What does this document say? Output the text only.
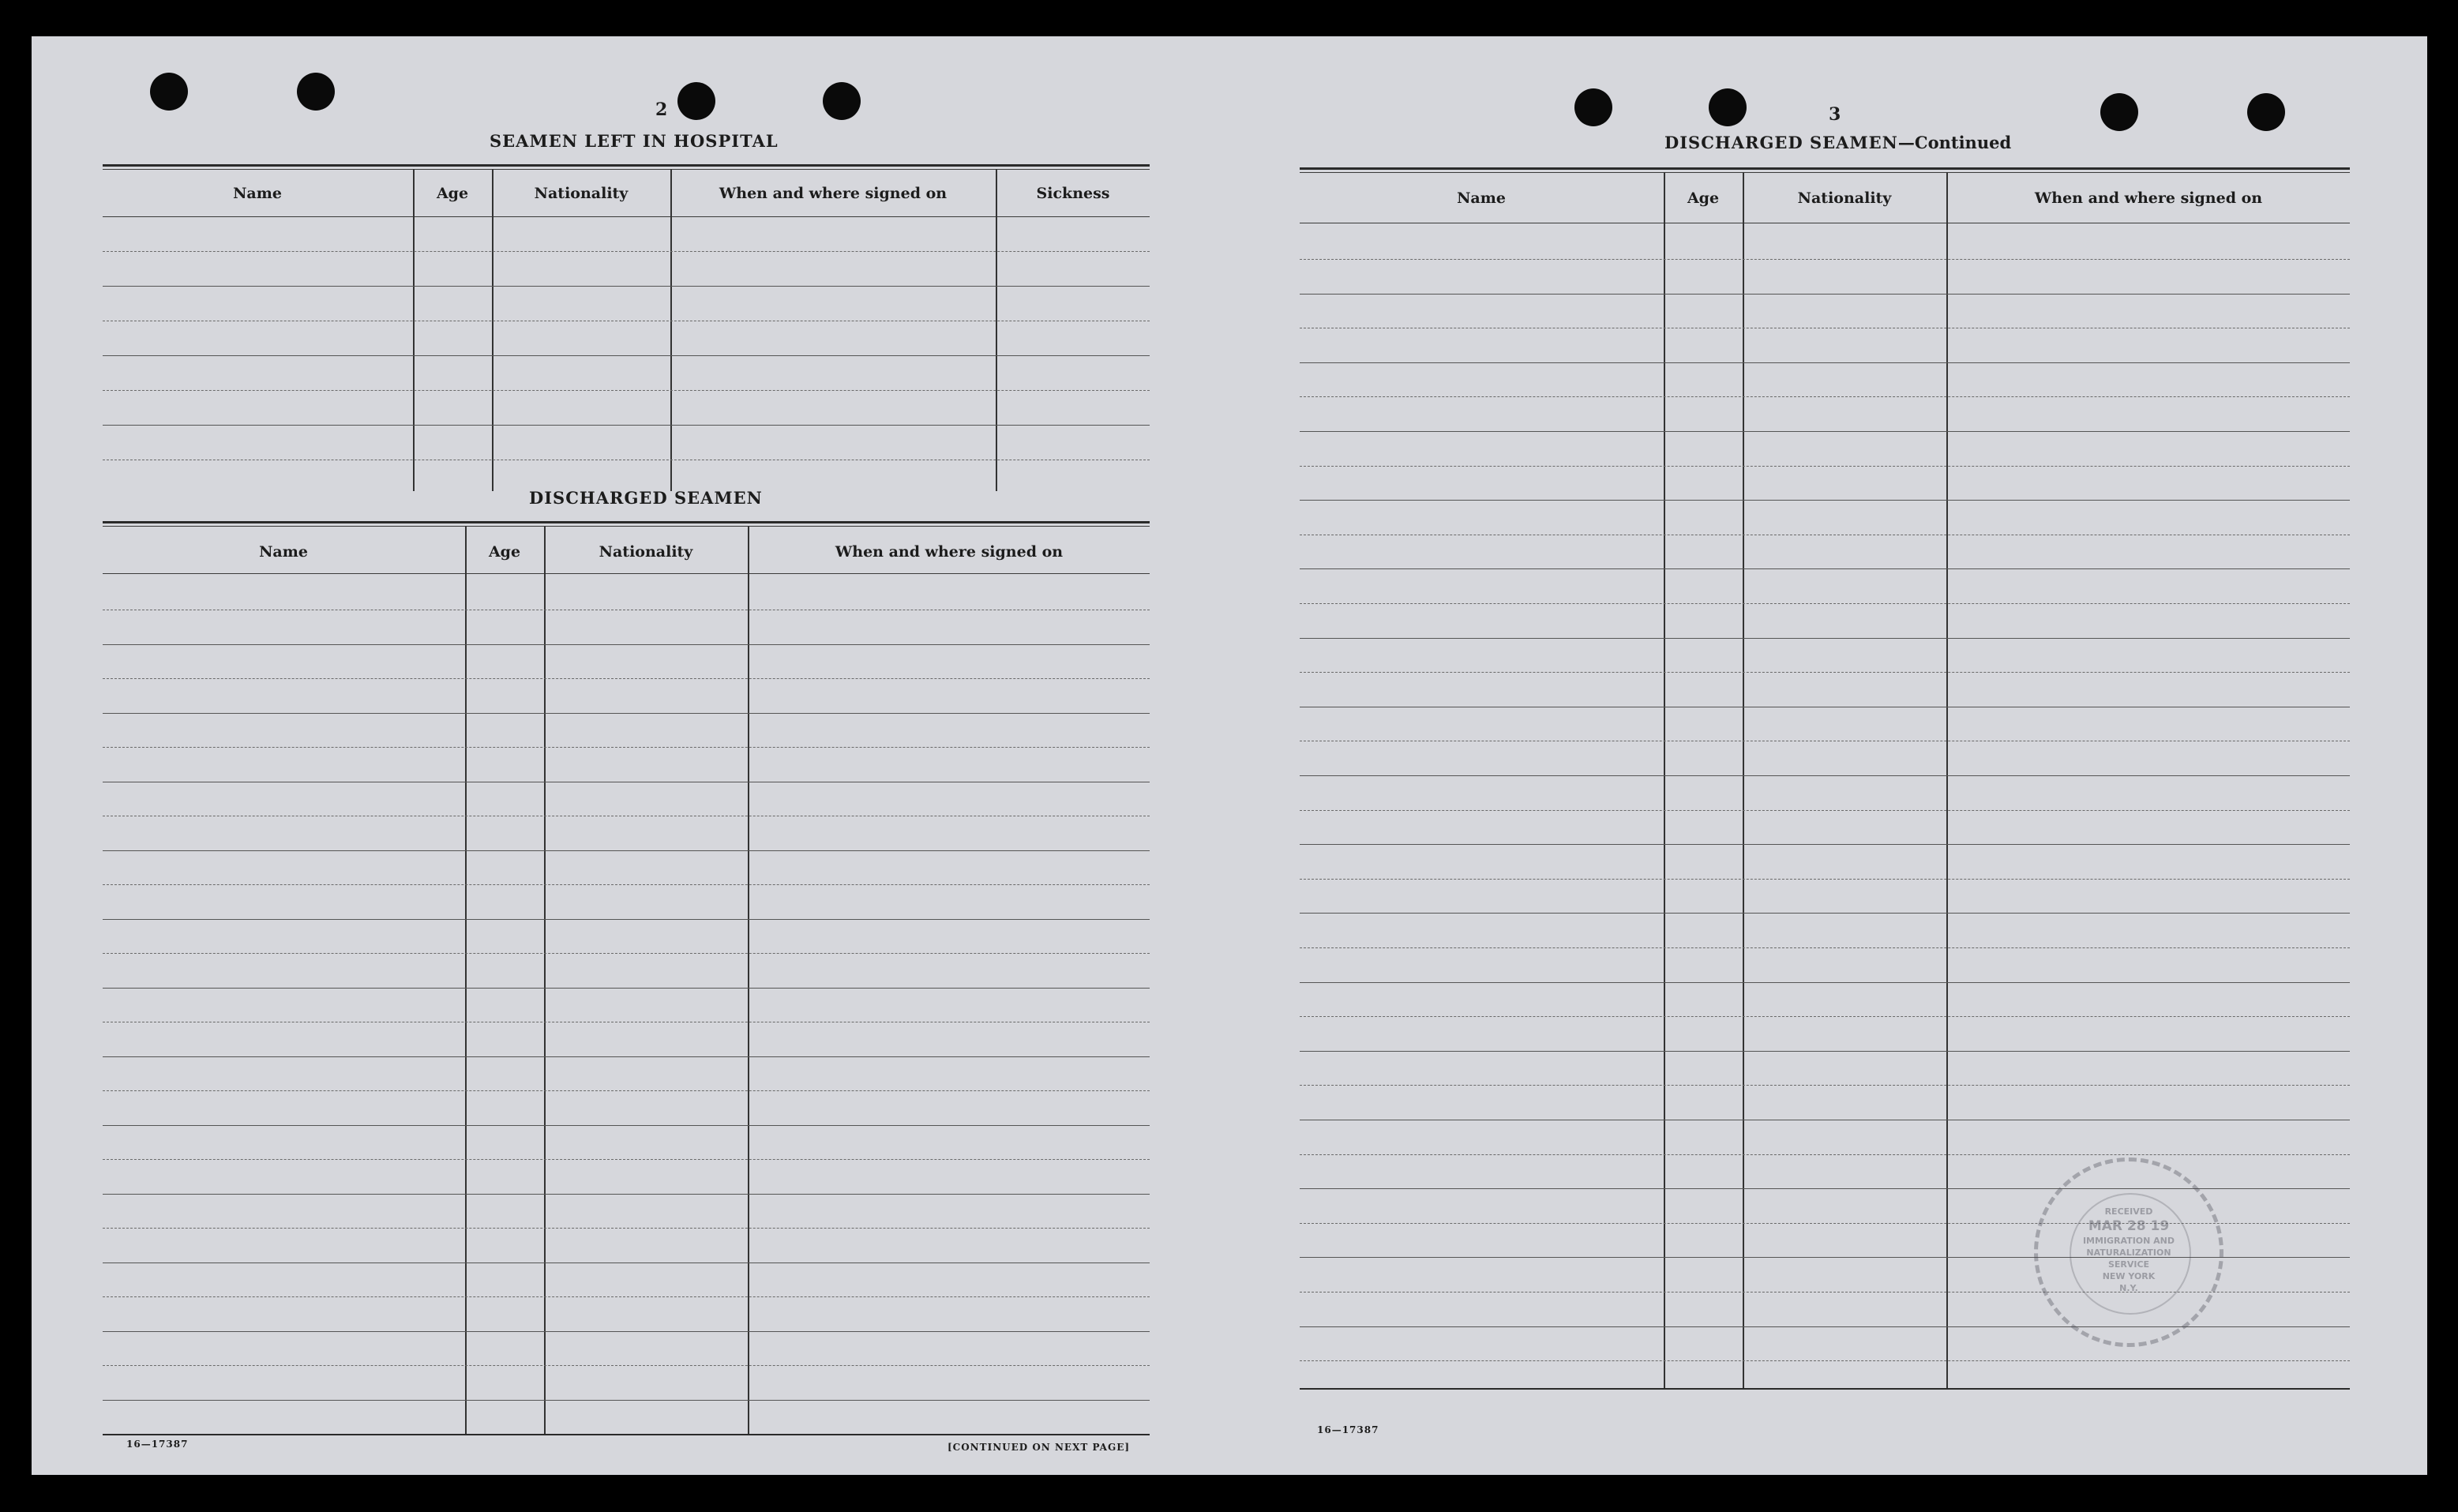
2
SEAMEN LEFT IN HOSPITAL
Name	Age	Nationality	When and where signed on	Sickness
DISCHARGED SEAMEN
Name	Age	Nationality	When and where signed on
16—17387	[CONTINUED ON NEXT PAGE]
3
DISCHARGED SEAMEN—Continued
Name	Age	Nationality	When and where signed on
16—17387
RECEIVED
MAR 28 19
IMMIGRATION AND
NATURALIZATION
SERVICE
NEW YORK
N.Y.
